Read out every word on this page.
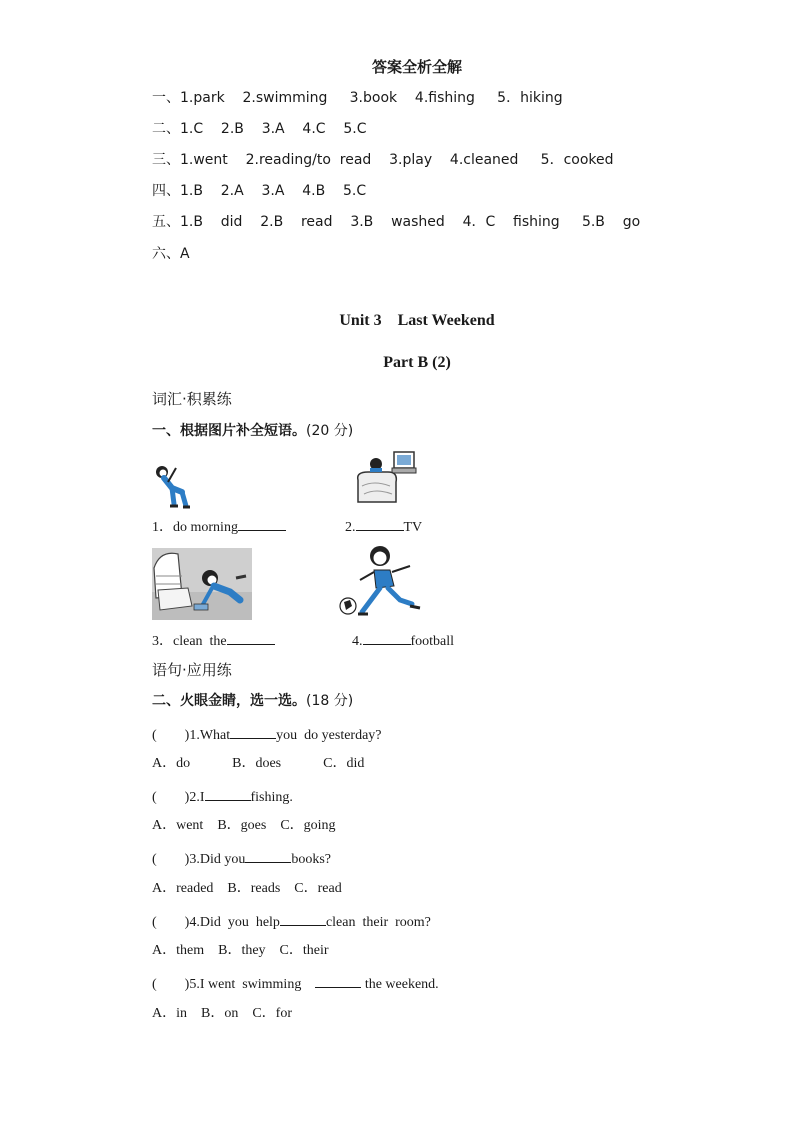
答案全析全解
一、1.park    2.swimming     3.book    4.fishing     5．hiking
二、1.C    2.B    3.A    4.C    5.C
三、1.went    2.reading/to  read    3.play    4.cleaned     5．cooked
四、1.B    2.A    3.A    4.B    5.C
五、1.B    did    2.B    read    3.B    washed    4．C    fishing     5.B    go
六、A
Unit 3    Last Weekend
Part B (2)
词汇·积累练
一、根据图片补全短语。(20 分)
1．do morning	2.	TV
3．clean  the	4.	football
语句·应用练
二、火眼金睛，选一选。(18 分)
(        )1.What	you  do yesterday?
A．do            B．does            C．did
(        )2.I	fishing.
A．went    B．goes    C．going
(        )3.Did you	books?
A．readed    B．reads    C．read
(        )4.Did  you  help	clean  their  room?
A．them    B．they    C．their
(        )5.I went  swimming	the weekend.
A．in    B．on    C．for
